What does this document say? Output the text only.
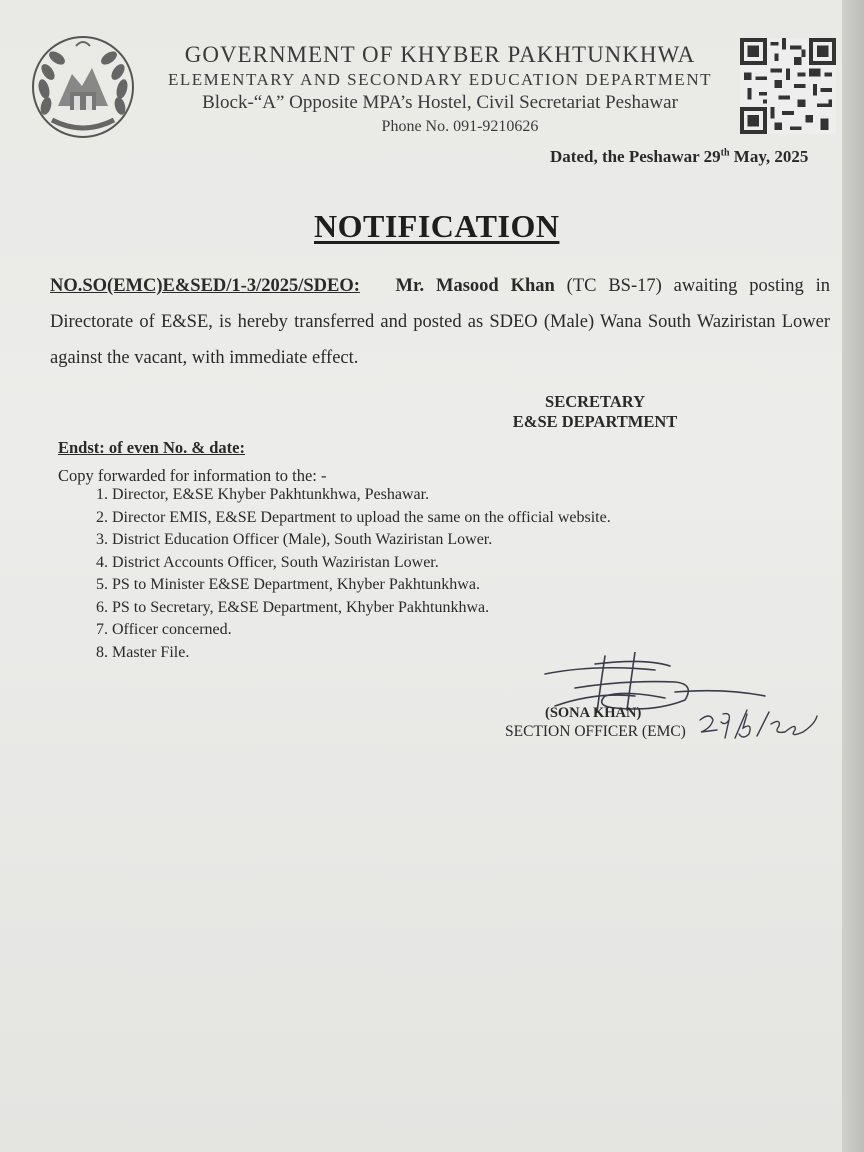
GOVERNMENT OF KHYBER PAKHTUNKHWA
ELEMENTARY AND SECONDARY EDUCATION DEPARTMENT
Block-“A” Opposite MPA’s Hostel, Civil Secretariat Peshawar
Phone No. 091-9210626
Dated, the Peshawar 29th May, 2025
NOTIFICATION
NO.SO(EMC)E&SED/1-3/2025/SDEO: Mr. Masood Khan (TC BS-17) awaiting posting in Directorate of E&SE, is hereby transferred and posted as SDEO (Male) Wana South Waziristan Lower against the vacant, with immediate effect.
SECRETARY
E&SE DEPARTMENT
Endst: of even No. & date:
Copy forwarded for information to the: -
1. Director, E&SE Khyber Pakhtunkhwa, Peshawar.
2. Director EMIS, E&SE Department to upload the same on the official website.
3. District Education Officer (Male), South Waziristan Lower.
4. District Accounts Officer, South Waziristan Lower.
5. PS to Minister E&SE Department, Khyber Pakhtunkhwa.
6. PS to Secretary, E&SE Department, Khyber Pakhtunkhwa.
7. Officer concerned.
8. Master File.
(SONA KHAN)
SECTION OFFICER (EMC)
